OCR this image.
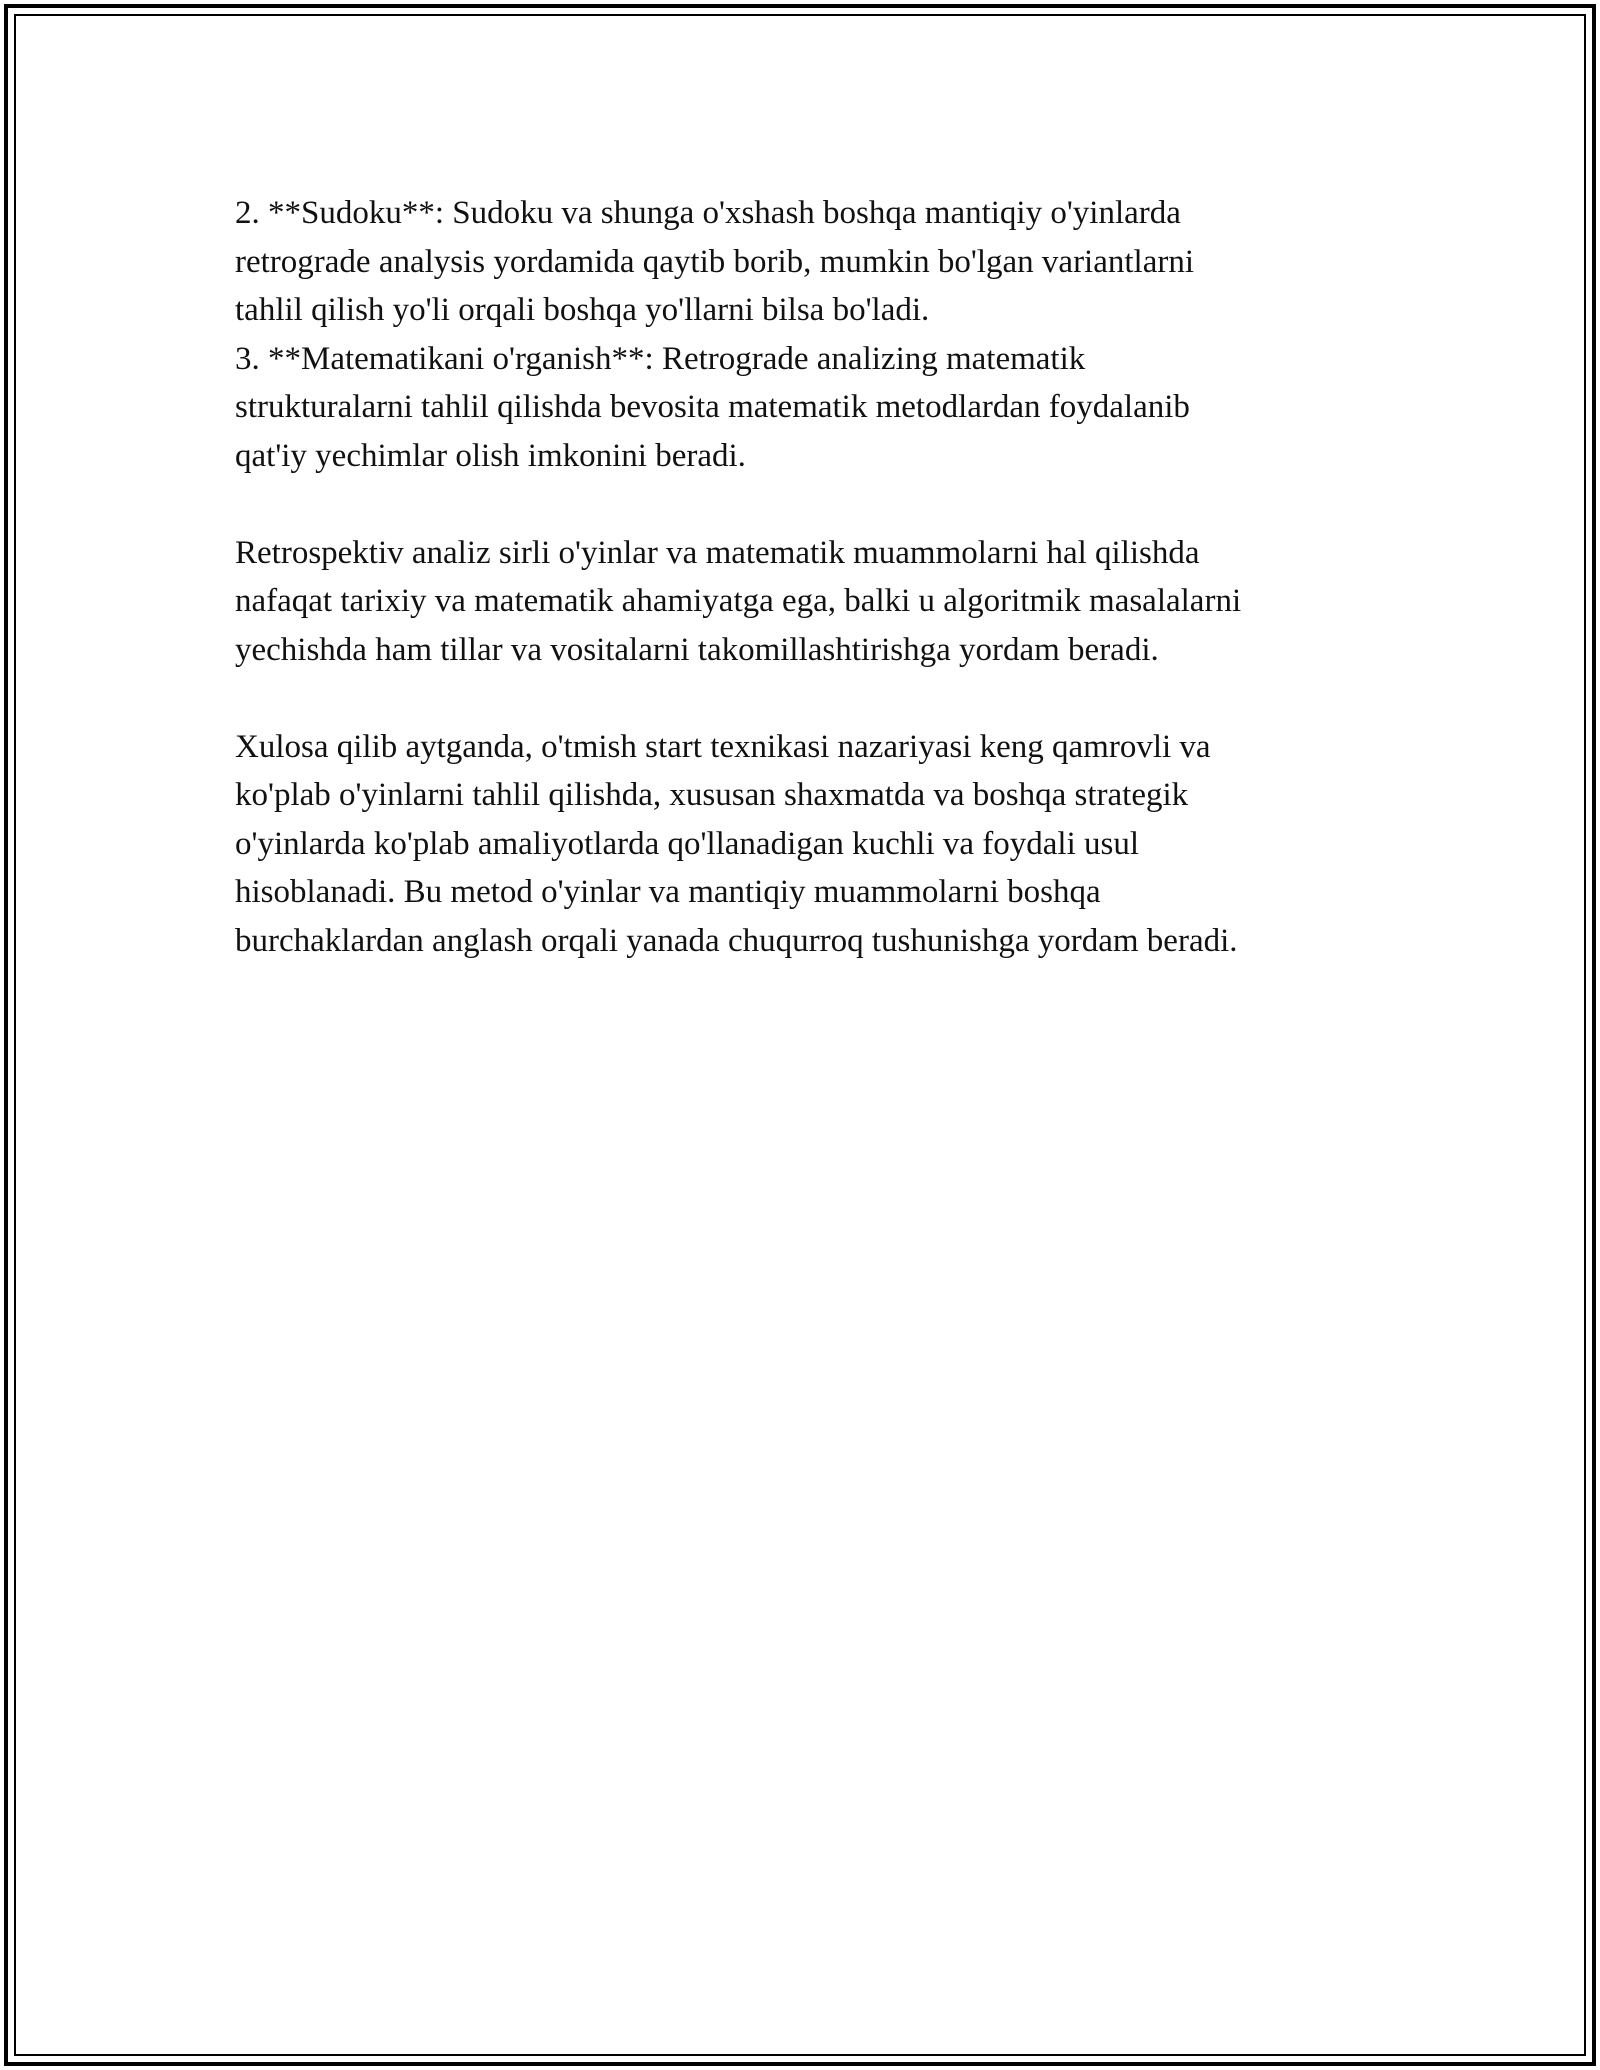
2. **Sudoku**: Sudoku va shunga o'xshash boshqa mantiqiy o'yinlarda
retrograde analysis yordamida qaytib borib, mumkin bo'lgan variantlarni
tahlil qilish yo'li orqali boshqa yo'llarni bilsa bo'ladi.

3. **Matematikani o'rganish**: Retrograde analizing matematik
strukturalarni tahlil qilishda bevosita matematik metodlardan foydalanib
qat'iy yechimlar olish imkonini beradi.

Retrospektiv analiz sirli o'yinlar va matematik muammolarni hal qilishda
nafaqat tarixiy va matematik ahamiyatga ega, balki u algoritmik masalalarni
yechishda ham tillar va vositalarni takomillashtirishga yordam beradi.

Xulosa qilib aytganda, o'tmish start texnikasi nazariyasi keng qamrovli va
ko'plab o'yinlarni tahlil qilishda, xususan shaxmatda va boshqa strategik
o'yinlarda ko'plab amaliyotlarda qo'llanadigan kuchli va foydali usul
hisoblanadi. Bu metod o'yinlar va mantiqiy muammolarni boshqa
burchaklardan anglash orqali yanada chuqurroq tushunishga yordam beradi.
